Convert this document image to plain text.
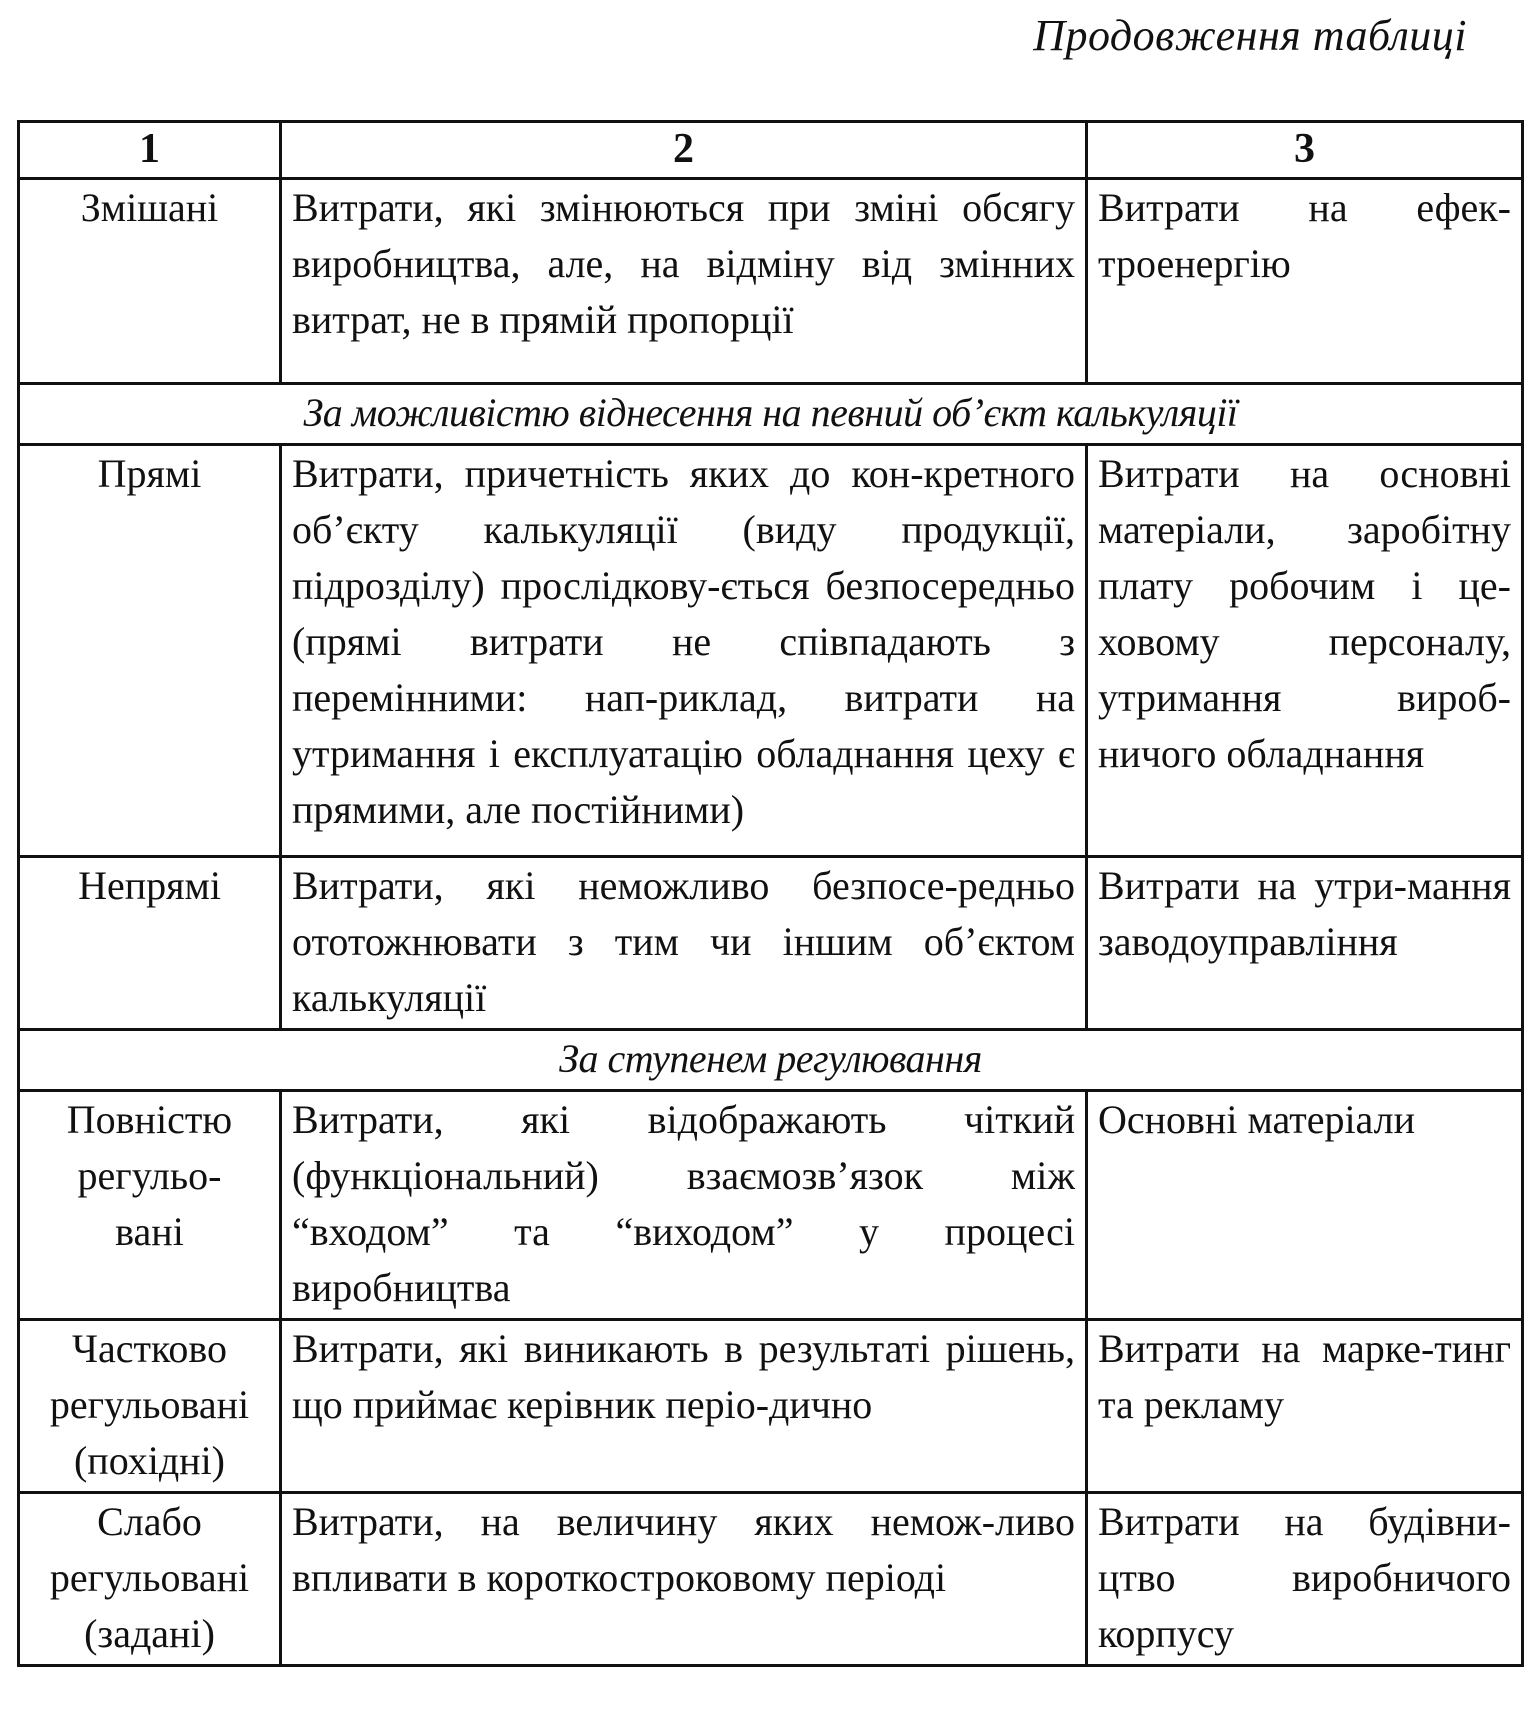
Продовження таблиці
1	2	3
Змішані	Витрати, які змінюються при зміні обсягу виробництва, але, на відміну від змінних витрат, не в прямій пропорції	Витрати на ефек-троенергію
За можливістю віднесення на певний об’єкт калькуляції		
Прямі	Витрати, причетність яких до кон-кретного об’єкту калькуляції (виду продукції, підрозділу) прослідкову-ється безпосередньо (прямі витрати не співпадають з перемінними: нап-риклад, витрати на утримання і експлуатацію обладнання цеху є прямими, але постійними)	Витрати на основні матеріали, заробітну плату робочим і це-ховому персоналу, утримання вироб-ничого обладнання
Непрямі	Витрати, які неможливо безпосе-редньо ототожнювати з тим чи іншим об’єктом калькуляції	Витрати на утри-мання заводоуправління
За ступенем регулювання		

Повністю
регульо-
вані	Витрати, які відображають чіткий (функціональний) взаємозв’язок між “входом” та “виходом” у процесі виробництва	Основні матеріали

Частково
регульовані
(похідні)	Витрати, які виникають в результаті рішень, що приймає керівник періо-дично	Витрати на марке-тинг та рекламу

Слабо
регульовані
(задані)	Витрати, на величину яких немож-ливо впливати в короткостроковому періоді	Витрати на будівни-цтво виробничого корпусу
